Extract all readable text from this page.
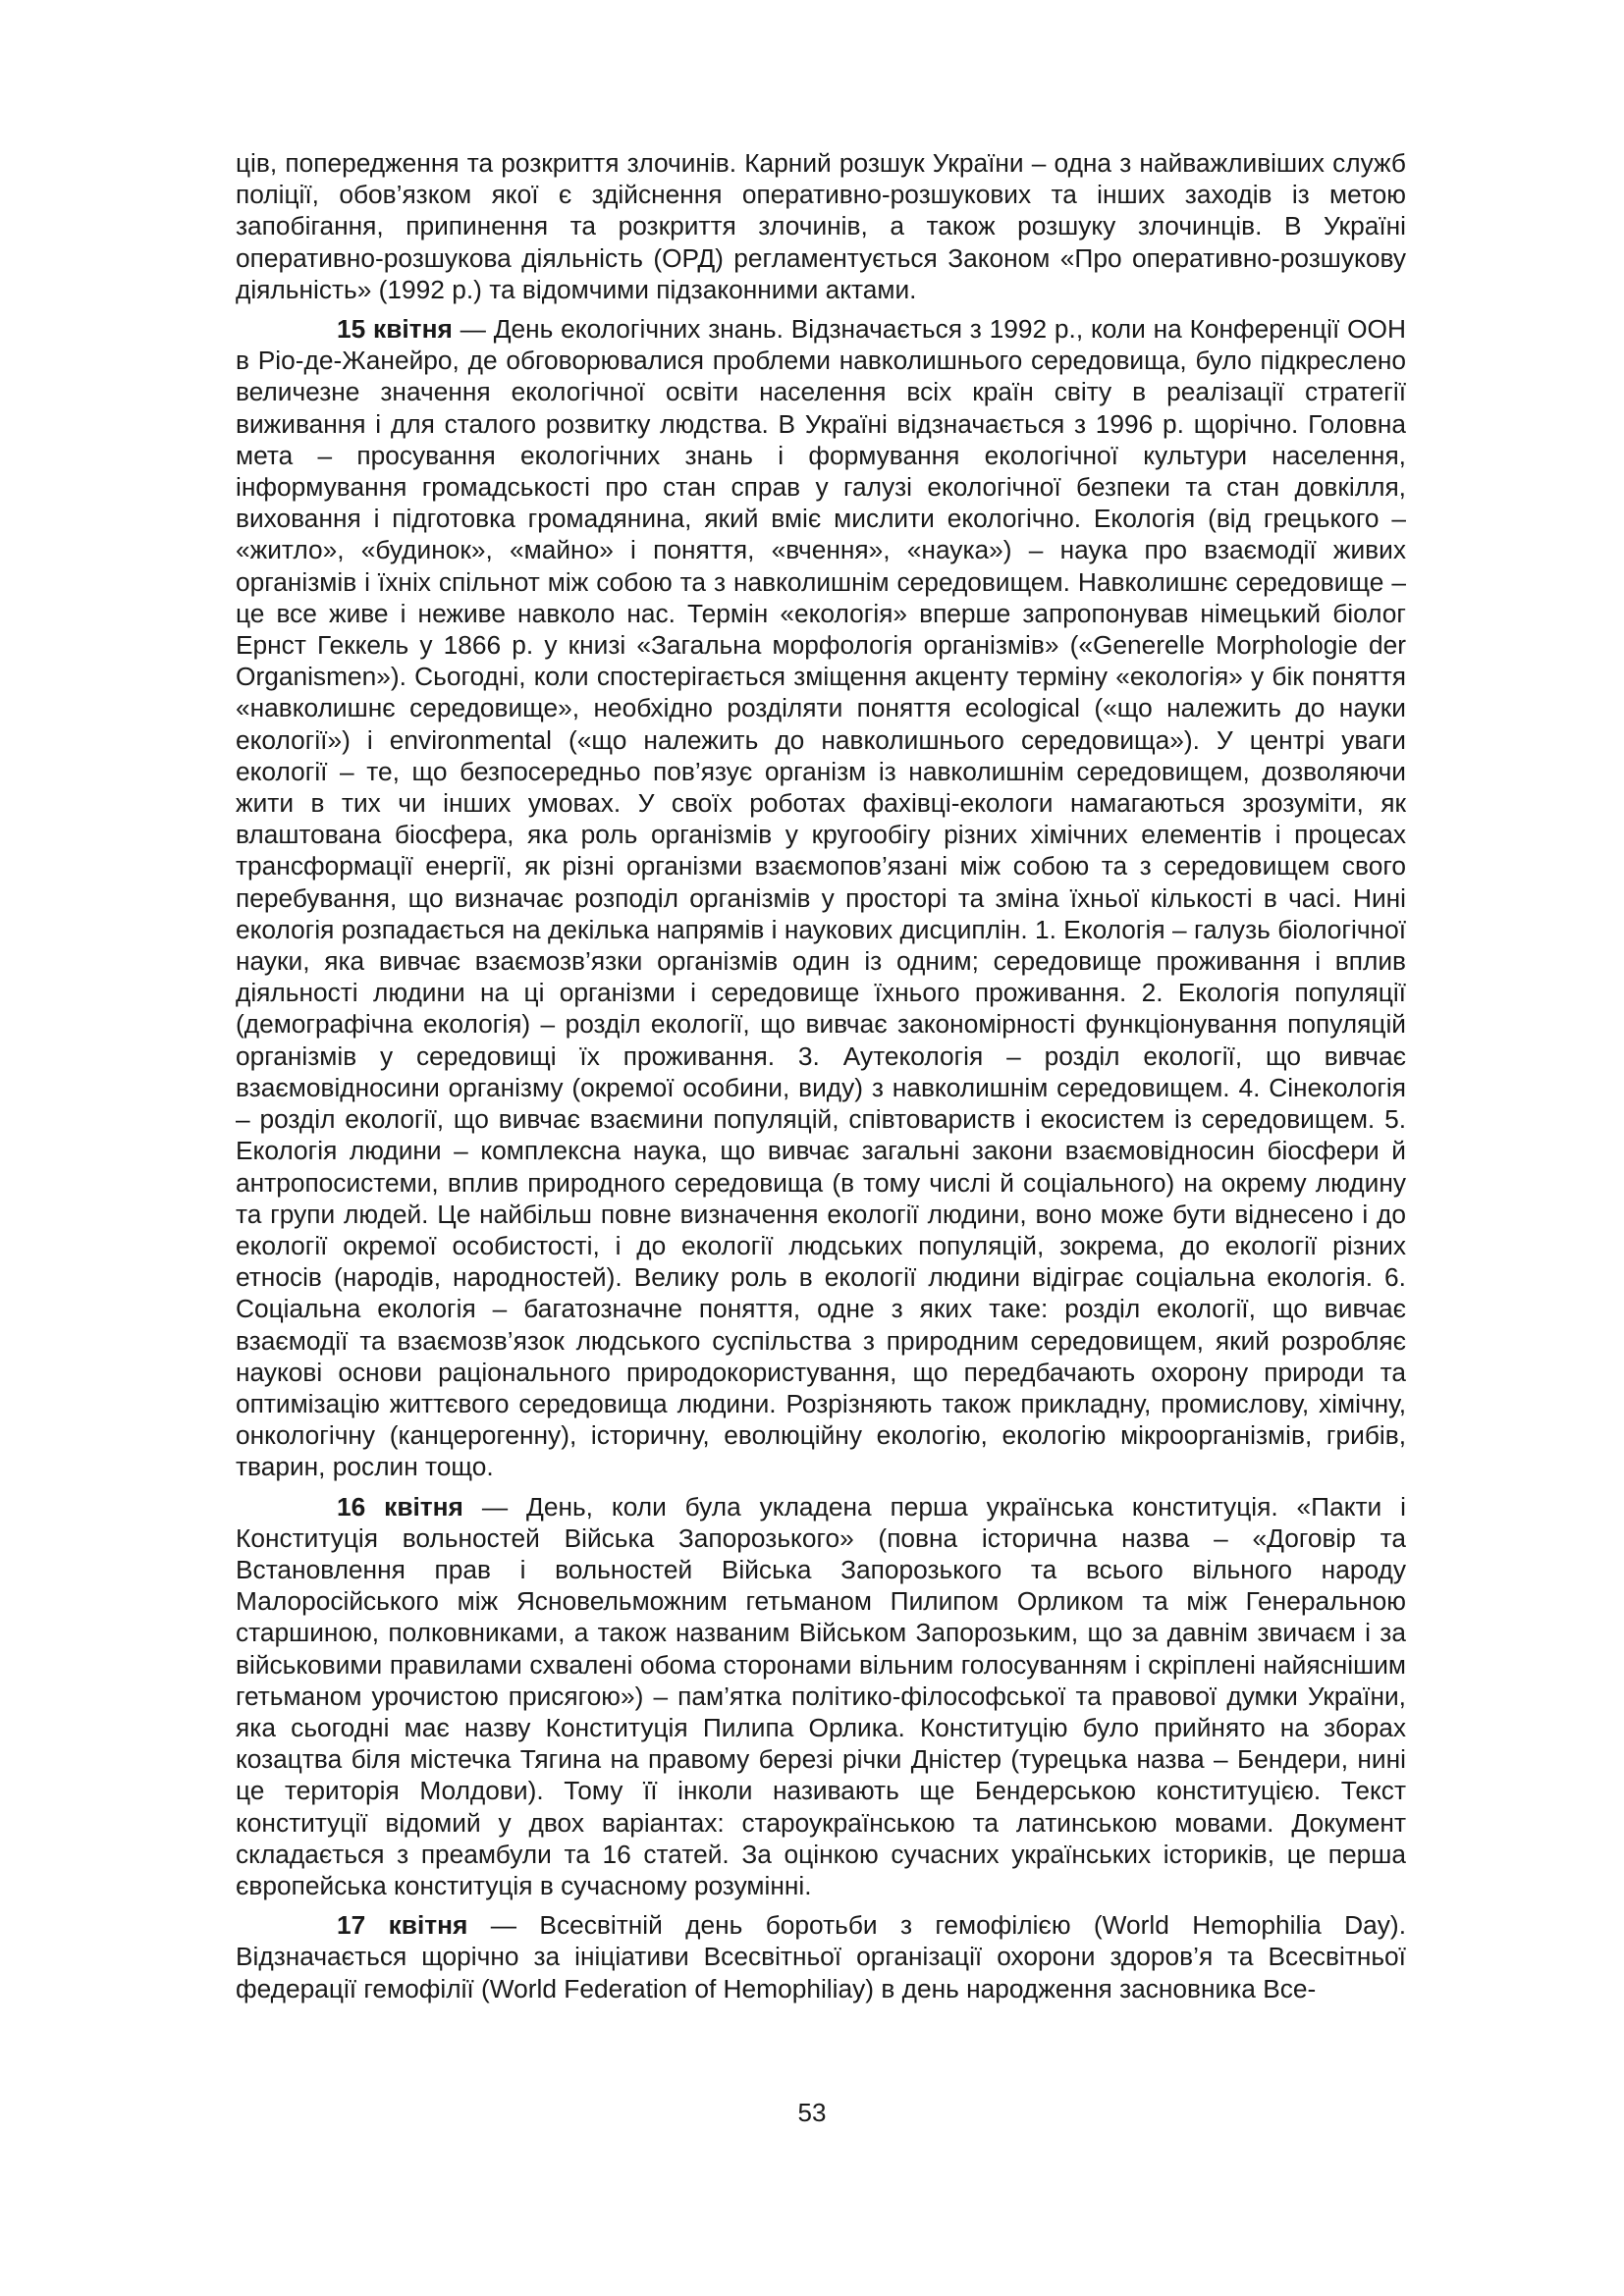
ців, попередження та розкриття злочинів. Карний розшук України – одна з найважливіших служб поліції, обов’язком якої є здійснення оперативно-розшукових та інших заходів із метою запобігання, припинення та розкриття злочинів, а також розшуку злочинців. В Україні оперативно-розшукова діяльність (ОРД) регламентується Законом «Про оперативно-розшукову діяльність» (1992 р.) та відомчими підзаконними актами.

15 квітня — День екологічних знань. Відзначається з 1992 р., коли на Конференції ООН в Ріо-де-Жанейро, де обговорювалися проблеми навколишнього середовища, було підкреслено величезне значення екологічної освіти населення всіх країн світу в реалізації стратегії виживання і для сталого розвитку людства. В Україні відзначається з 1996 р. щорічно. Головна мета – просування екологічних знань і формування екологічної культури населення, інформування громадськості про стан справ у галузі екологічної безпеки та стан довкілля, виховання і підготовка громадянина, який вміє мислити екологічно. Екологія (від грецького – «житло», «будинок», «майно» і поняття, «вчення», «наука») – наука про взаємодії живих організмів і їхніх спільнот між собою та з навколишнім середовищем. Навколишнє середовище – це все живе і неживе навколо нас. Термін «екологія» вперше запропонував німецький біолог Ернст Геккель у 1866 р. у книзі «Загальна морфологія організмів» («Generelle Morphologie der Organismen»). Сьогодні, коли спостерігається зміщення акценту терміну «екологія» у бік поняття «навколишнє середовище», необхідно розділяти поняття ecological («що належить до науки екології») і environmental («що належить до навколишнього середовища»). У центрі уваги екології – те, що безпосередньо пов’язує організм із навколишнім середовищем, дозволяючи жити в тих чи інших умовах. У своїх роботах фахівці-екологи намагаються зрозуміти, як влаштована біосфера, яка роль організмів у кругообігу різних хімічних елементів і процесах трансформації енергії, як різні організми взаємопов’язані між собою та з середовищем свого перебування, що визначає розподіл організмів у просторі та зміна їхньої кількості в часі. Нині екологія розпадається на декілька напрямів і наукових дисциплін. 1. Екологія – галузь біологічної науки, яка вивчає взаємозв’язки організмів один із одним; середовище проживання і вплив діяльності людини на ці організми і середовище їхнього проживання. 2. Екологія популяції (демографічна екологія) – розділ екології, що вивчає закономірності функціонування популяцій організмів у середовищі їх проживання. 3. Аутекологія – розділ екології, що вивчає взаємовідносини організму (окремої особини, виду) з навколишнім середовищем. 4. Сінекологія – розділ екології, що вивчає взаємини популяцій, співтовариств і екосистем із середовищем. 5. Екологія людини – комплексна наука, що вивчає загальні закони взаємовідносин біосфери й антропосистеми, вплив природного середовища (в тому числі й соціального) на окрему людину та групи людей. Це найбільш повне визначення екології людини, воно може бути віднесено і до екології окремої особистості, і до екології людських популяцій, зокрема, до екології різних етносів (народів, народностей). Велику роль в екології людини відіграє соціальна екологія. 6. Соціальна екологія – багатозначне поняття, одне з яких таке: розділ екології, що вивчає взаємодії та взаємозв’язок людського суспільства з природним середовищем, який розробляє наукові основи раціонального природокористування, що передбачають охорону природи та оптимізацію життєвого середовища людини. Розрізняють також прикладну, промислову, хімічну, онкологічну (канцерогенну), історичну, еволюційну екологію, екологію мікроорганізмів, грибів, тварин, рослин тощо.

16 квітня — День, коли була укладена перша українська конституція. «Пакти і Конституція вольностей Війська Запорозького» (повна історична назва – «Договір та Встановлення прав і вольностей Війська Запорозького та всього вільного народу Малоросійського між Ясновельможним гетьманом Пилипом Орликом та між Генеральною старшиною, полковниками, а також названим Військом Запорозьким, що за давнім звичаєм і за військовими правилами схвалені обома сторонами вільним голосуванням і скріплені найяснішим гетьманом урочистою присягою») – пам’ятка політико-філософської та правової думки України, яка сьогодні має назву Конституція Пилипа Орлика. Конституцію було прийнято на зборах козацтва біля містечка Тягина на правому березі річки Дністер (турецька назва – Бендери, нині це територія Молдови). Тому її інколи називають ще Бендерською конституцією. Текст конституції відомий у двох варіантах: староукраїнською та латинською мовами. Документ складається з преамбули та 16 статей. За оцінкою сучасних українських істориків, це перша європейська конституція в сучасному розумінні.

17 квітня — Всесвітній день боротьби з гемофілією (World Hemophilia Day). Відзначається щорічно за ініціативи Всесвітньої організації охорони здоров’я та Всесвітньої федерації гемофілії (World Federation of Hemophiliay) в день народження засновника Все-

53
